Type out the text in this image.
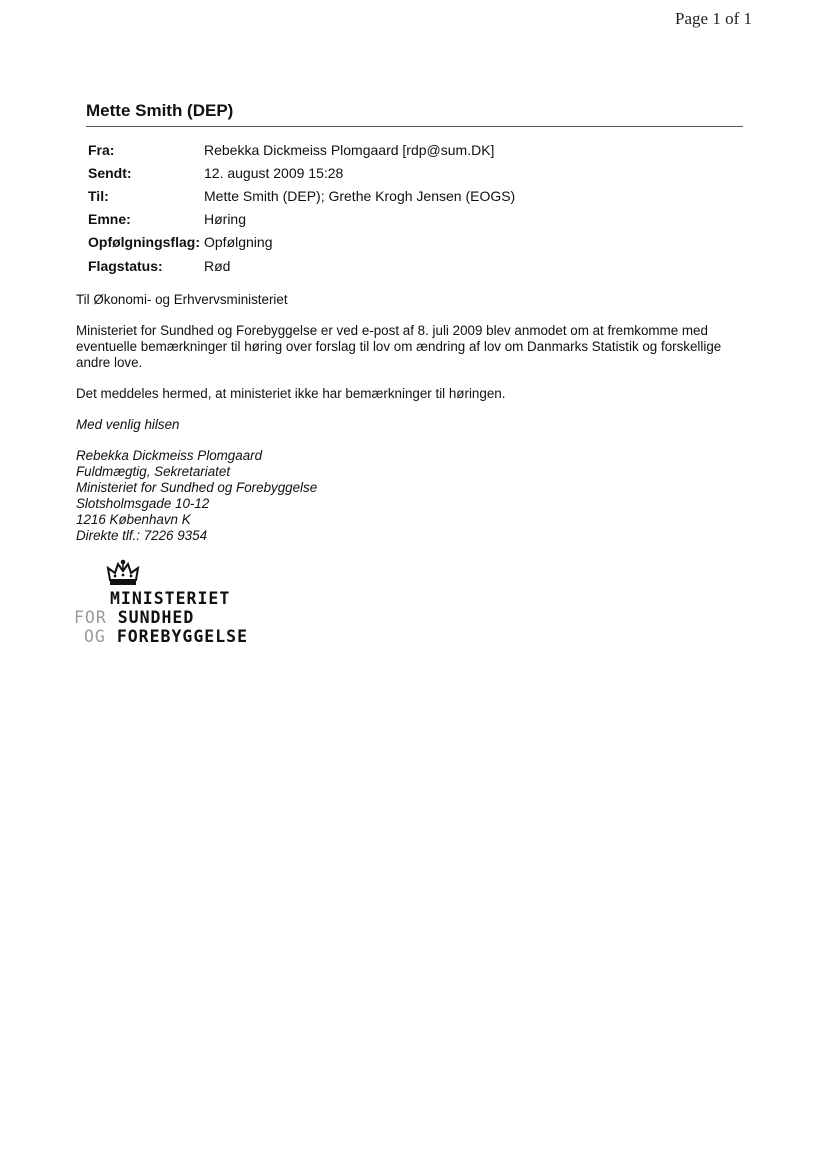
Page 1 of 1
Mette Smith (DEP)
Fra:	Rebekka Dickmeiss Plomgaard [rdp@sum.DK]
Sendt:	12. august 2009 15:28
Til:	Mette Smith (DEP); Grethe Krogh Jensen (EOGS)
Emne:	Høring
Opfølgningsflag:	Opfølgning
Flagstatus:	Rød

Til Økonomi- og Erhvervsministeriet

Ministeriet for Sundhed og Forebyggelse er ved e-post af 8. juli 2009 blev anmodet om at fremkomme med eventuelle bemærkninger til høring over forslag til lov om ændring af lov om Danmarks Statistik og forskellige andre love.

Det meddeles hermed, at ministeriet ikke har bemærkninger til høringen.

Med venlig hilsen

Rebekka Dickmeiss Plomgaard
Fuldmægtig, Sekretariatet
Ministeriet for Sundhed og Forebyggelse
Slotsholmsgade 10-12
1216 København K
Direkte tlf.: 7226 9354
MINISTERIET
FOR SUNDHED
OG FOREBYGGELSE
